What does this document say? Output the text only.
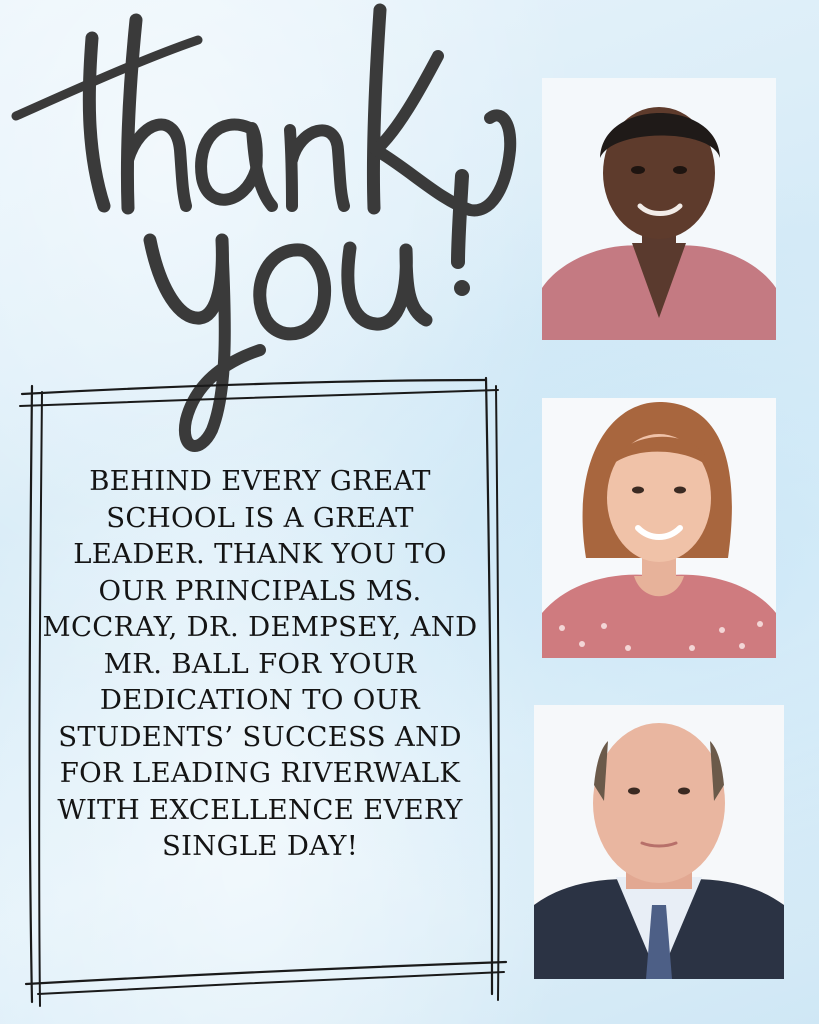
BEHIND EVERY GREAT SCHOOL IS A GREAT LEADER. THANK YOU TO OUR PRINCIPALS MS. MCCRAY, DR. DEMPSEY, AND MR. BALL FOR YOUR DEDICATION TO OUR STUDENTS’ SUCCESS AND FOR LEADING RIVERWALK WITH EXCELLENCE EVERY SINGLE DAY!
